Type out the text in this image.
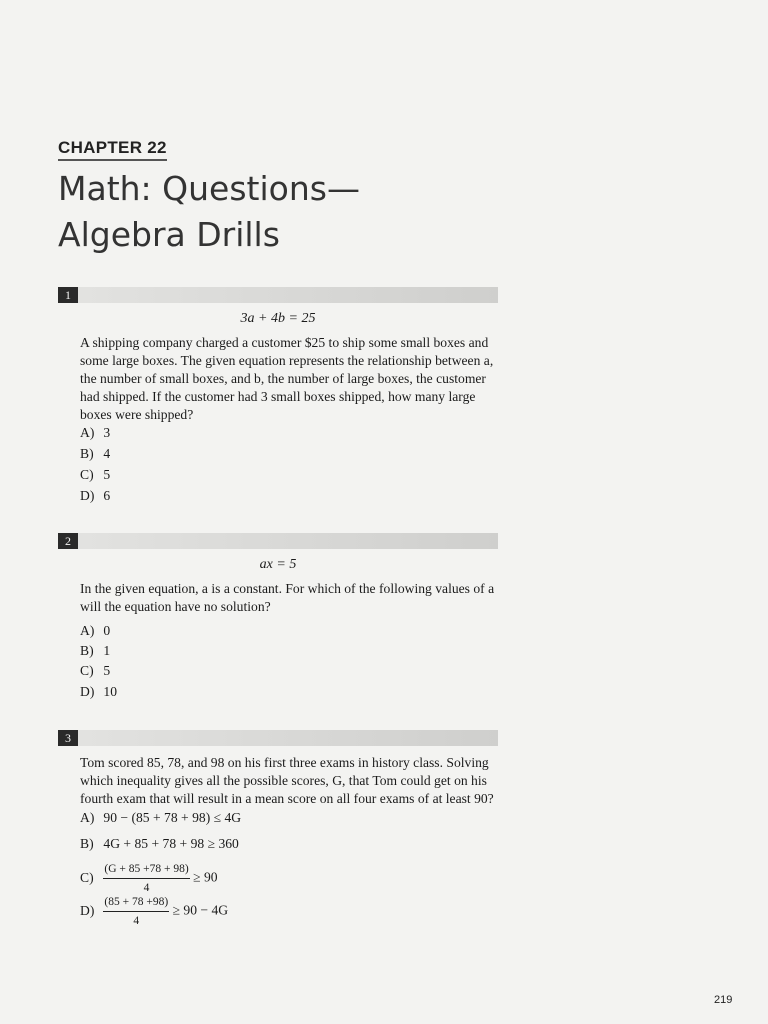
CHAPTER 22
Math: Questions—
Algebra Drills
1
3a + 4b = 25
A shipping company charged a customer $25 to ship some small boxes and some large boxes. The given equation represents the relationship between a, the number of small boxes, and b, the number of large boxes, the customer had shipped. If the customer had 3 small boxes shipped, how many large boxes were shipped?
A) 3
B) 4
C) 5
D) 6
2
ax = 5
In the given equation, a is a constant. For which of the following values of a will the equation have no solution?
A) 0
B) 1
C) 5
D) 10
3
Tom scored 85, 78, and 98 on his first three exams in history class. Solving which inequality gives all the possible scores, G, that Tom could get on his fourth exam that will result in a mean score on all four exams of at least 90?
A) 90 − (85 + 78 + 98) ≤ 4G
B) 4G + 85 + 78 + 98 ≥ 360
$C) \frac{(G + 85 +78 + 98)}{4} \ge 90$
$D) \frac{(85 + 78 +98)}{4} \ge 90 - 4G$
219
